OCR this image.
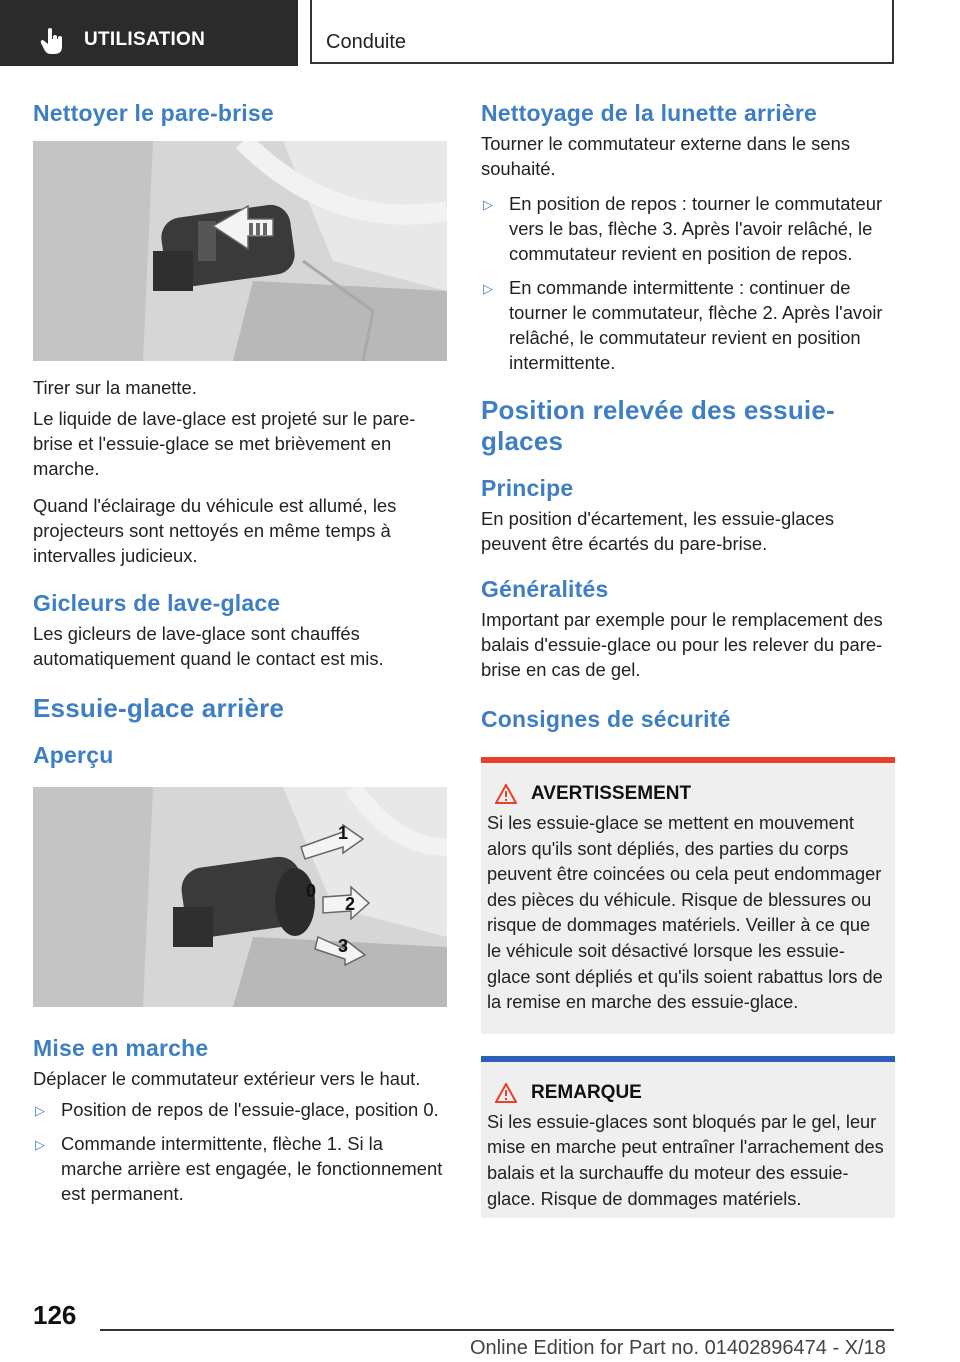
UTILISATION	Conduite
Nettoyer le pare-brise

Tirer sur la manette.

Le liquide de lave-glace est projeté sur le pare-brise et l'essuie-glace se met brièvement en marche.

Quand l'éclairage du véhicule est allumé, les projecteurs sont nettoyés en même temps à intervalles judicieux.

Gicleurs de lave-glace

Les gicleurs de lave-glace sont chauffés automatiquement quand le contact est mis.

Essuie-glace arrière
Aperçu
1
0
2
3
Mise en marche

Déplacer le commutateur extérieur vers le haut.

▷ Position de repos de l'essuie-glace, position 0.
▷ Commande intermittente, flèche 1. Si la marche arrière est engagée, le fonctionnement est permanent.
Nettoyage de la lunette arrière

Tourner le commutateur externe dans le sens souhaité.

▷ En position de repos : tourner le commutateur vers le bas, flèche 3. Après l'avoir relâché, le commutateur revient en position de repos.
▷ En commande intermittente : continuer de tourner le commutateur, flèche 2. Après l'avoir relâché, le commutateur revient en position intermittente.
Position relevée des essuie-glaces
Principe

En position d'écartement, les essuie-glaces peuvent être écartés du pare-brise.

Généralités

Important par exemple pour le remplacement des balais d'essuie-glace ou pour les relever du pare-brise en cas de gel.

Consignes de sécurité
AVERTISSEMENT

Si les essuie-glace se mettent en mouvement alors qu'ils sont dépliés, des parties du corps peuvent être coincées ou cela peut endommager des pièces du véhicule. Risque de blessures ou risque de dommages matériels. Veiller à ce que le véhicule soit désactivé lorsque les essuie-glace sont dépliés et qu'ils soient rabattus lors de la remise en marche des essuie-glace.

REMARQUE

Si les essuie-glaces sont bloqués par le gel, leur mise en marche peut entraîner l'arrachement des balais et la surchauffe du moteur des essuie-glace. Risque de dommages matériels.

126
Online Edition for Part no. 01402896474 - X/18
